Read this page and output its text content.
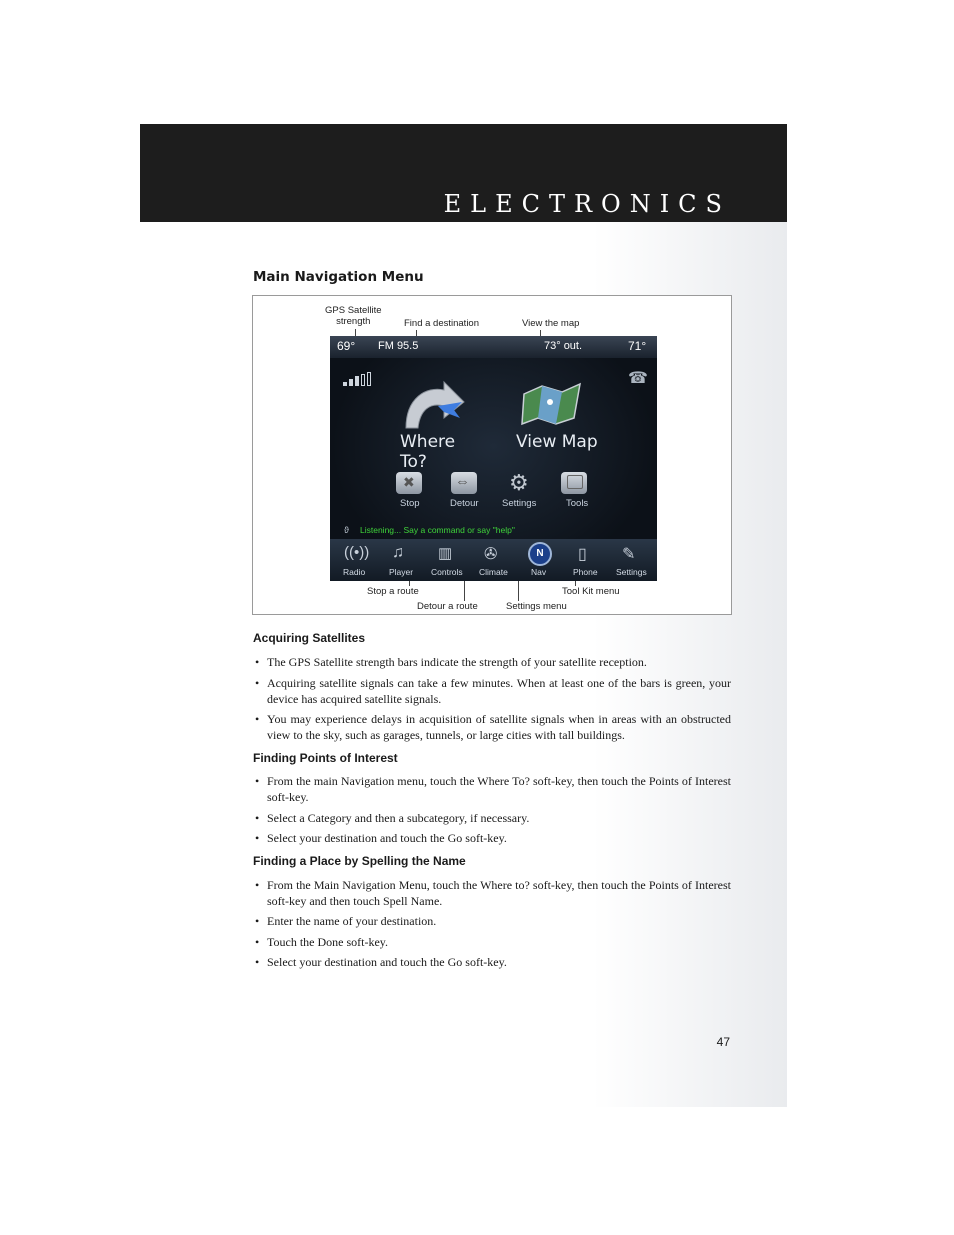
ELECTRONICS
Main Navigation Menu
GPS Satellite
strength	Find a destination	View the map
Stop a route	Tool Kit menu
Detour a route	Settings menu
69° FM 95.5	73° out.	71°
☎
Where To?
View Map
✖
Stop
⇔
Detour
⚙
Settings	Tools
ϑ Listening... Say a command or say "help"
((•))
Radio
♫
Player
▥
Controls
✇
Climate
N
Nav
▯
Phone
✎
Settings
Acquiring Satellites
• The GPS Satellite strength bars indicate the strength of your satellite reception.
• Acquiring satellite signals can take a few minutes. When at least one of the bars is green, your device has acquired satellite signals.
• You may experience delays in acquisition of satellite signals when in areas with an obstructed view to the sky, such as garages, tunnels, or large cities with tall buildings.
Finding Points of Interest
• From the main Navigation menu, touch the Where To? soft-key, then touch the Points of Interest soft-key.
• Select a Category and then a subcategory, if necessary.
• Select your destination and touch the Go soft-key.
Finding a Place by Spelling the Name
• From the Main Navigation Menu, touch the Where to? soft-key, then touch the Points of Interest soft-key and then touch Spell Name.
• Enter the name of your destination.
• Touch the Done soft-key.
• Select your destination and touch the Go soft-key.
47
